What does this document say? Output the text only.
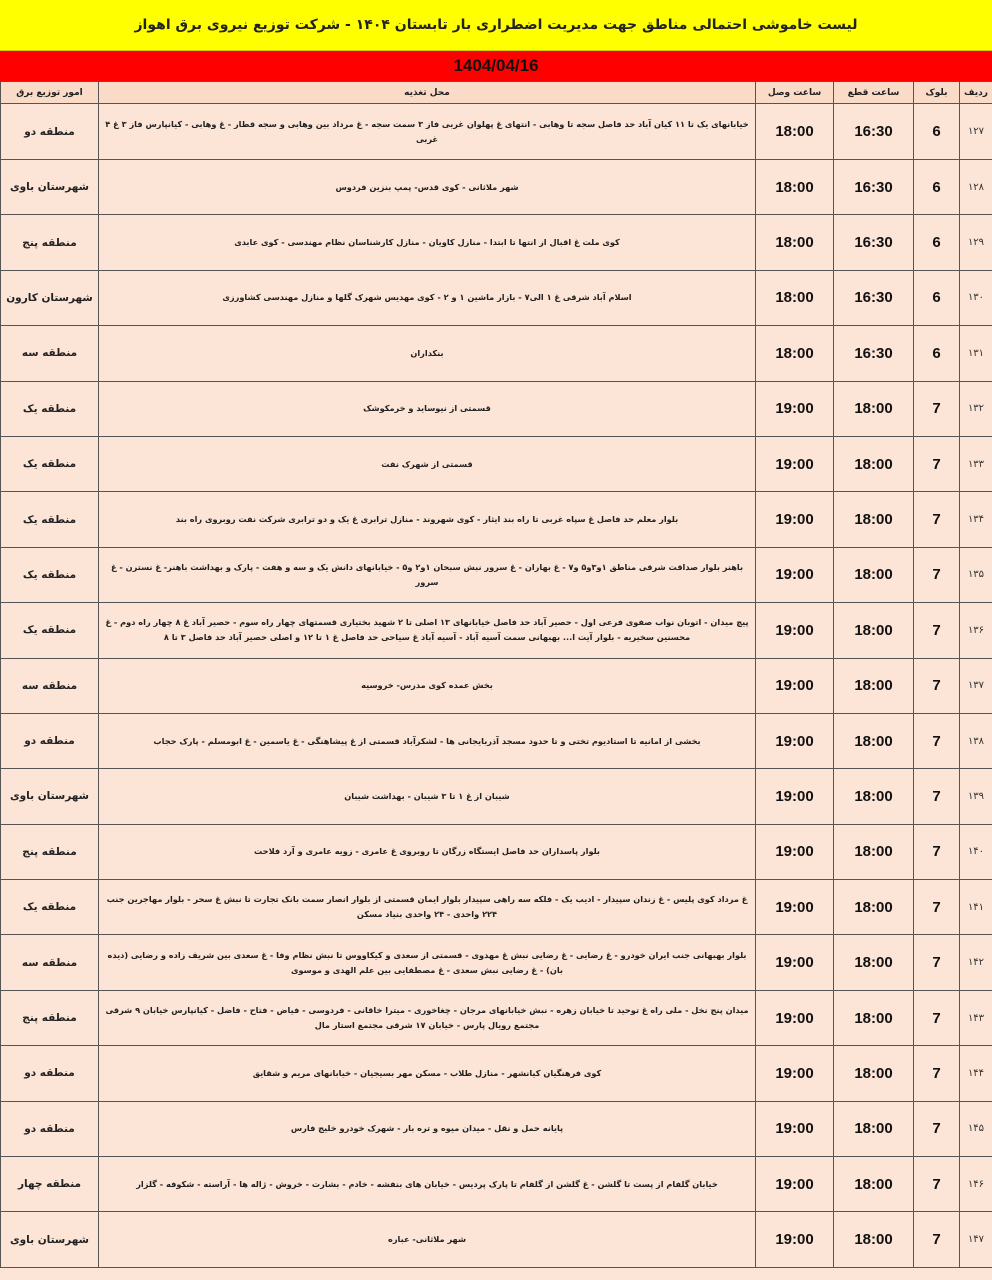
لیست خاموشی احتمالی مناطق جهت مدیریت اضطراری بار تابستان ۱۴۰۴ - شرکت توزیع نیروی برق اهواز
1404/04/16
ردیف	بلوک	ساعت قطع	ساعت وصل	محل تغذیه	امور توزیع برق
۱۲۷	6	16:30	18:00	خیابانهای یک تا ۱۱ کیان آباد حد فاصل سجه تا وهابی - انتهای غ پهلوان غربی فاز ۳ سمت سجه - غ مرداد بین وهابی و سجه قطار - غ وهابی - کیانپارس فاز ۳ غ ۴ غربی	منطقه دو
۱۲۸	6	16:30	18:00	شهر ملاثانی - کوی قدس- پمپ بنزین فردوس	شهرستان باوی
۱۲۹	6	16:30	18:00	کوی ملت غ اقبال از انتها تا ابتدا - منازل کاویان - منازل کارشناسان نظام مهندسی - کوی عابدی	منطقه پنج
۱۳۰	6	16:30	18:00	اسلام آباد شرقی غ ۱ الی۷ - بازار ماشین ۱ و ۲ - کوی مهدیس شهرک گلها و منازل مهندسی کشاورزی	شهرستان کارون
۱۳۱	6	16:30	18:00	بنکداران	منطقه سه
۱۳۲	7	18:00	19:00	قسمتی از نیوساید و خرمکوشک	منطقه یک
۱۳۳	7	18:00	19:00	قسمتی از شهرک نفت	منطقه یک
۱۳۴	7	18:00	19:00	بلوار معلم حد فاصل غ سپاه غربی تا راه بند ایثار - کوی شهروند - منازل ترابری غ یک و دو ترابری شرکت نفت روبروی راه بند	منطقه یک
۱۳۵	7	18:00	19:00	باهنر بلوار صداقت شرقی مناطق ۱و۳و۵ و۷ - غ بهاران - غ سرور نبش سبحان ۱و۲ و۵ - خیابانهای دانش یک و سه و هفت - پارک و بهداشت باهنر- غ نسترن - غ سرور	منطقه یک
۱۳۶	7	18:00	19:00	پیچ میدان - اتوبان نواب صفوی فرعی اول - حصیر آباد حد فاصل خیابانهای ۱۳ اصلی تا ۲ شهید بختیاری قسمتهای چهار راه سوم - حصیر آباد غ ۸ چهار راه دوم - غ محسنین سخیریه - بلوار آیت ا... بهبهانی سمت آسیه آباد - آسیه آباد غ سیاحی حد فاصل غ ۱ تا ۱۲ و اصلی حصیر آباد حد فاصل ۳ تا ۸	منطقه یک
۱۳۷	7	18:00	19:00	بخش عمده کوی مدرس- خروسیه	منطقه سه
۱۳۸	7	18:00	19:00	بخشی از امانیه تا استادیوم تختی و تا حدود مسجد آذربایجانی ها - لشکرآباد قسمتی از غ پیشاهنگی - غ یاسمین - غ ابومسلم - پارک حجاب	منطقه دو
۱۳۹	7	18:00	19:00	شیبان از غ ۱ تا ۳ شیبان - بهداشت شیبان	شهرستان باوی
۱۴۰	7	18:00	19:00	بلوار پاسداران حد فاصل ایستگاه زرگان تا روبروی غ عامری - زویه عامری و آرد فلاحت	منطقه پنج
۱۴۱	7	18:00	19:00	غ مرداد کوی پلیس - غ زندان سپیدار - ادیب یک - فلکه سه راهی سپیدار بلوار ایمان قسمتی از بلوار انصار سمت بانک تجارت تا نبش غ سحر - بلوار مهاجرین جنب ۲۲۴ واحدی - ۲۴ واحدی بنیاد مسکن	منطقه یک
۱۴۲	7	18:00	19:00	بلوار بهبهانی جنب ایران خودرو - غ رضایی - غ رضایی نبش غ مهدوی - قسمتی از سعدی و کیکاووس تا نبش نظام وفا - غ سعدی بین شریف زاده و رضایی (دیده بان) - غ رضایی نبش سعدی - غ مصطفایی بین علم الهدی و موسوی	منطقه سه
۱۴۳	7	18:00	19:00	میدان پنج نخل - ملی راه غ توحید تا خیابان زهره - نبش خیابانهای مرجان - چغاخوری - میترا خاقانی - فردوسی - فیاض - فتاح - فاضل - کیانپارس خیابان ۹ شرقی مجتمع رویال پارس - خیابان ۱۷ شرقی مجتمع استار مال	منطقه پنج
۱۴۴	7	18:00	19:00	کوی فرهنگیان کیانشهر - منازل طلاب - مسکن مهر بسیجیان - خیابانهای مریم و شقایق	منطقه دو
۱۴۵	7	18:00	19:00	پایانه حمل و نقل - میدان میوه و تره بار - شهرک خودرو خلیج فارس	منطقه دو
۱۴۶	7	18:00	19:00	خیابان گلفام از پست تا گلشن - غ گلشن از گلفام تا پارک پردیس - خیابان های بنفشه - خادم - بشارت - خروش - ژاله ها - آراسته - شکوفه - گلزار	منطقه چهار
۱۴۷	7	18:00	19:00	شهر ملاثانی- عباره	شهرستان باوی
